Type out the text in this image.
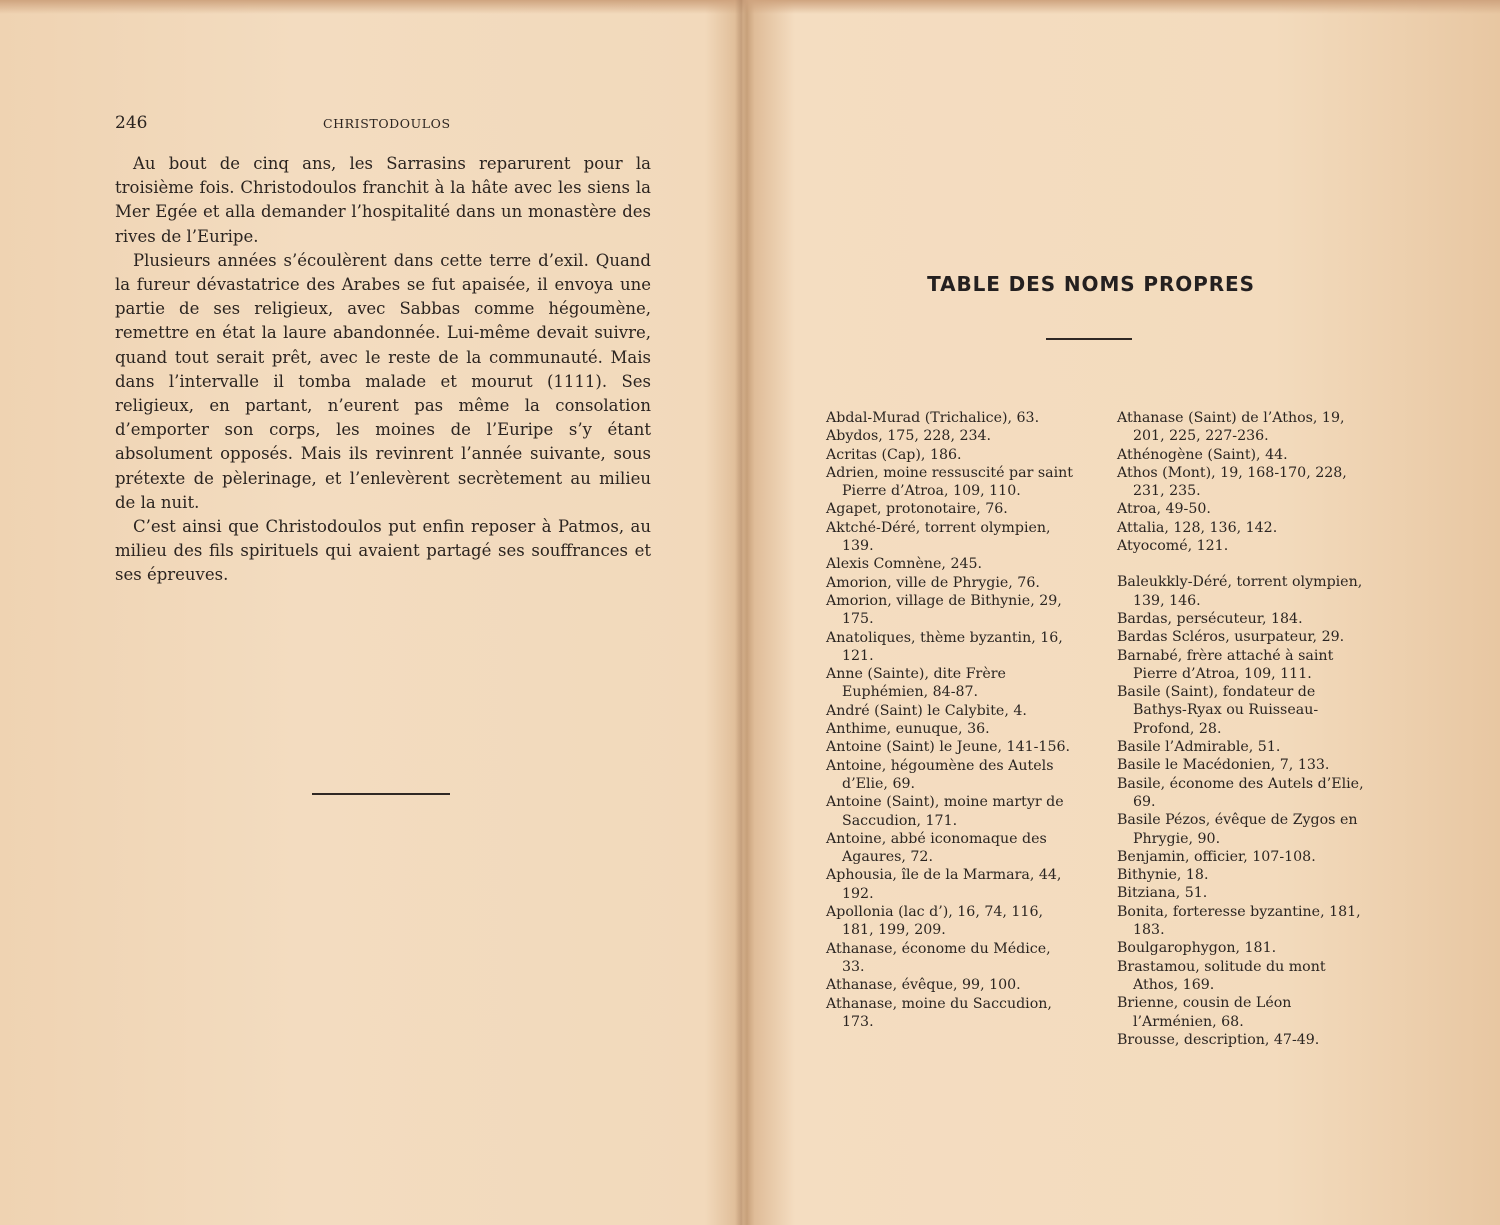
246	CHRISTODOULOS

Au bout de cinq ans, les Sarrasins reparurent pour la troisième fois. Christodoulos franchit à la hâte avec les siens la Mer Egée et alla demander l’hospitalité dans un monastère des rives de l’Euripe.

Plusieurs années s’écoulèrent dans cette terre d’exil. Quand la fureur dévastatrice des Arabes se fut apaisée, il envoya une partie de ses religieux, avec Sabbas comme hégoumène, remettre en état la laure abandonnée. Lui-même devait suivre, quand tout serait prêt, avec le reste de la communauté. Mais dans l’intervalle il tomba malade et mourut (1111). Ses religieux, en partant, n’eurent pas même la consolation d’emporter son corps, les moines de l’Euripe s’y étant absolument opposés. Mais ils revinrent l’année suivante, sous prétexte de pèlerinage, et l’enlevèrent secrètement au milieu de la nuit.

C’est ainsi que Christodoulos put enfin reposer à Patmos, au milieu des fils spirituels qui avaient partagé ses souffrances et ses épreuves.

TABLE DES NOMS PROPRES
Abdal-Murad (Trichalice), 63.
Abydos, 175, 228, 234.
Acritas (Cap), 186.
Adrien, moine ressuscité par saint Pierre d’Atroa, 109, 110.
Agapet, protonotaire, 76.
Aktché-Déré, torrent olympien, 139.
Alexis Comnène, 245.
Amorion, ville de Phrygie, 76.
Amorion, village de Bithynie, 29, 175.
Anatoliques, thème byzantin, 16, 121.
Anne (Sainte), dite Frère Euphémien, 84-87.
André (Saint) le Calybite, 4.
Anthime, eunuque, 36.
Antoine (Saint) le Jeune, 141-156.
Antoine, hégoumène des Autels d’Elie, 69.
Antoine (Saint), moine martyr de Saccudion, 171.
Antoine, abbé iconomaque des Agaures, 72.
Aphousia, île de la Marmara, 44, 192.
Apollonia (lac d’), 16, 74, 116, 181, 199, 209.
Athanase, économe du Médice, 33.
Athanase, évêque, 99, 100.
Athanase, moine du Saccudion, 173.
Athanase (Saint) de l’Athos, 19, 201, 225, 227-236.
Athénogène (Saint), 44.
Athos (Mont), 19, 168-170, 228, 231, 235.
Atroa, 49-50.
Attalia, 128, 136, 142.
Atyocomé, 121.
Baleukkly-Déré, torrent olympien, 139, 146.
Bardas, persécuteur, 184.
Bardas Scléros, usurpateur, 29.
Barnabé, frère attaché à saint Pierre d’Atroa, 109, 111.
Basile (Saint), fondateur de Bathys-Ryax ou Ruisseau-Profond, 28.
Basile l’Admirable, 51.
Basile le Macédonien, 7, 133.
Basile, économe des Autels d’Elie, 69.
Basile Pézos, évêque de Zygos en Phrygie, 90.
Benjamin, officier, 107-108.
Bithynie, 18.
Bitziana, 51.
Bonita, forteresse byzantine, 181, 183.
Boulgarophygon, 181.
Brastamou, solitude du mont Athos, 169.
Brienne, cousin de Léon l’Arménien, 68.
Brousse, description, 47-49.
